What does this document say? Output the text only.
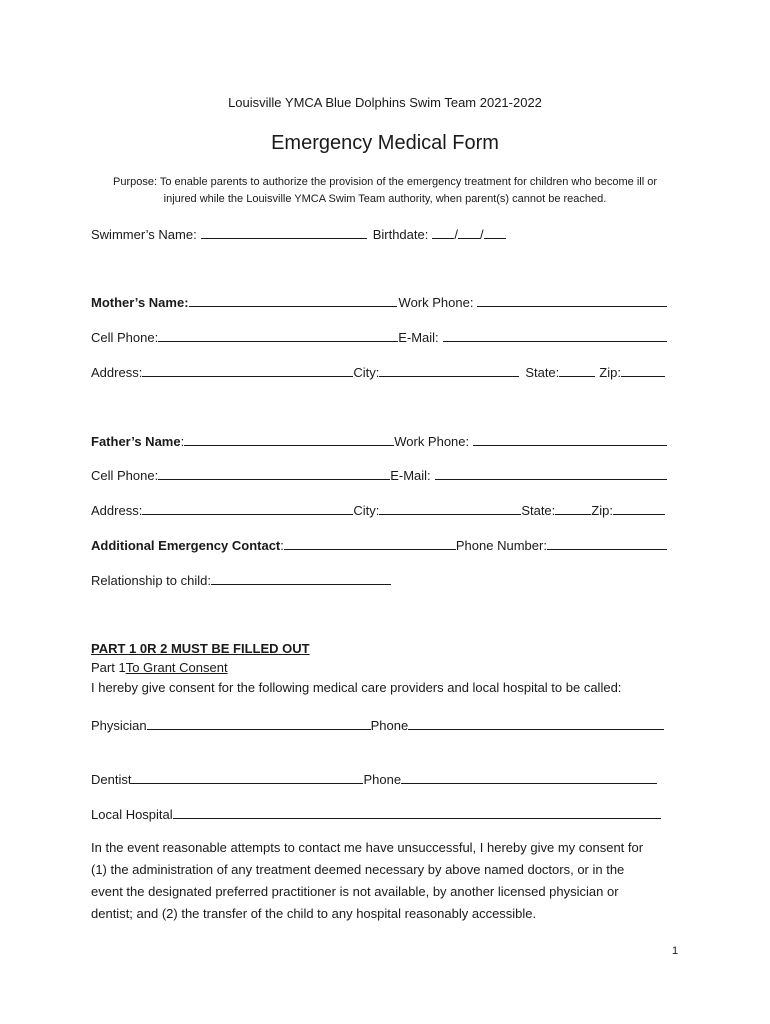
Louisville YMCA Blue Dolphins Swim Team 2021-2022
Emergency Medical Form
Purpose: To enable parents to authorize the provision of the emergency treatment for children who become ill or
injured while the Louisville YMCA Swim Team authority, when parent(s) cannot be reached.
Swimmer’s Name:	Birthdate: / /
Mother’s Name:	Work Phone:
Cell Phone:	E-Mail:
Address:	City:	State:	Zip:
Father’s Name :	Work Phone:
Cell Phone:	E-Mail:
Address:	City:	State:	Zip:
Additional Emergency Contact :	Phone Number:
Relationship to child:
PART 1 0R 2 MUST BE FILLED OUT
Part 1 To Grant Consent
I hereby give consent for the following medical care providers and local hospital to be called:
Physician	Phone
Dentist	Phone
Local Hospital
In the event reasonable attempts to contact me have unsuccessful, I hereby give my consent for
(1) the administration of any treatment deemed necessary by above named doctors, or in the
event the designated preferred practitioner is not available, by another licensed physician or
dentist; and (2) the transfer of the child to any hospital reasonably accessible.
1
